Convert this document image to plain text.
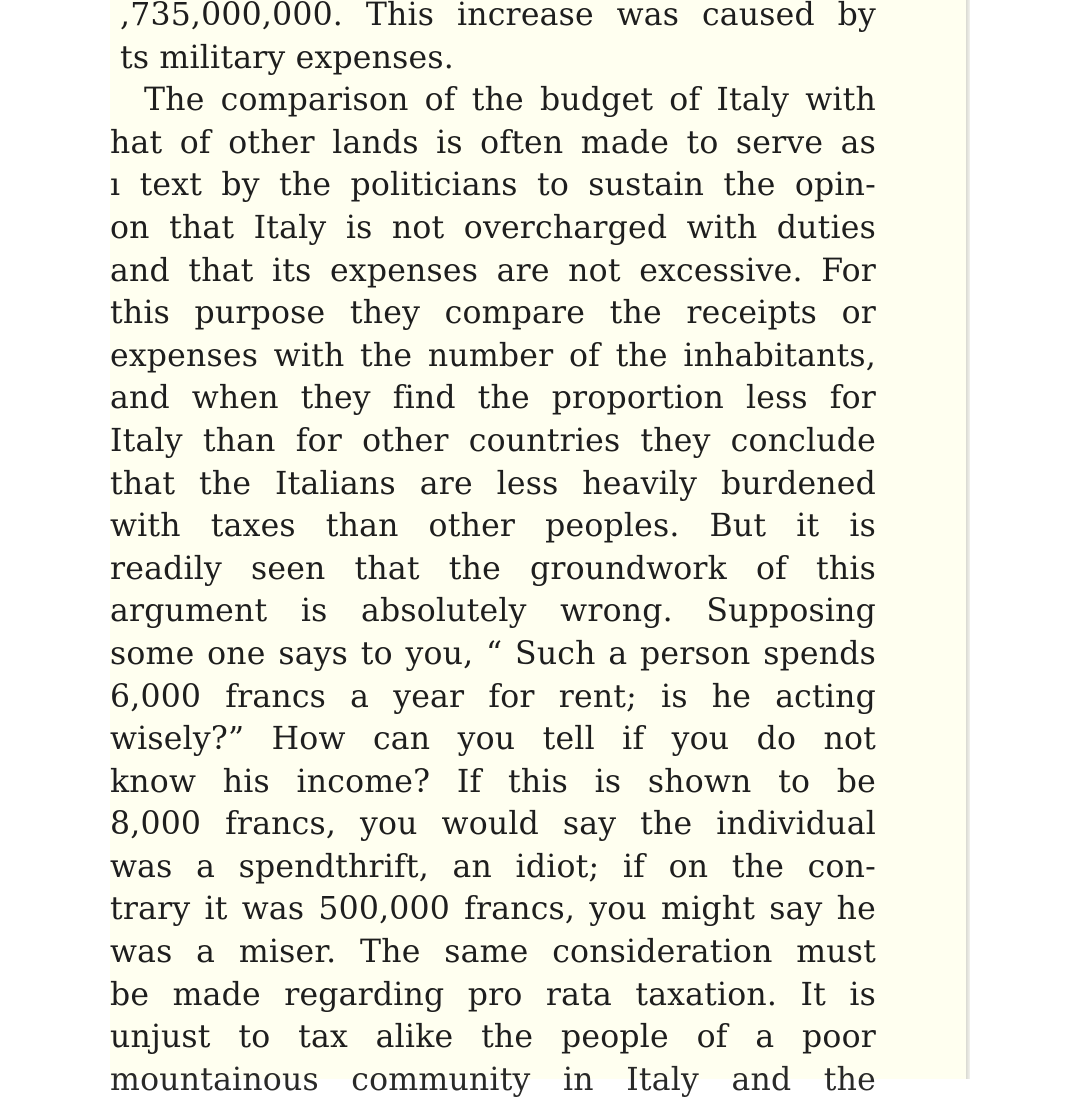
,735,000,000. This increase was caused by
ts military expenses.
The comparison of the budget of Italy with
hat of other lands is often made to serve as
ı text by the politicians to sustain the opin-
on that Italy is not overcharged with duties
and that its expenses are not excessive. For
this purpose they compare the receipts or
expenses with the number of the inhabitants,
and when they find the proportion less for
Italy than for other countries they conclude
that the Italians are less heavily burdened
with taxes than other peoples. But it is
readily seen that the groundwork of this
argument is absolutely wrong. Supposing
some one says to you, “ Such a person spends
6,000 francs a year for rent; is he acting
wisely?” How can you tell if you do not
know his income? If this is shown to be
8,000 francs, you would say the individual
was a spendthrift, an idiot; if on the con-
trary it was 500,000 francs, you might say he
was a miser. The same consideration must
be made regarding pro rata taxation. It is
unjust to tax alike the people of a poor
mountainous community in Italy and the
